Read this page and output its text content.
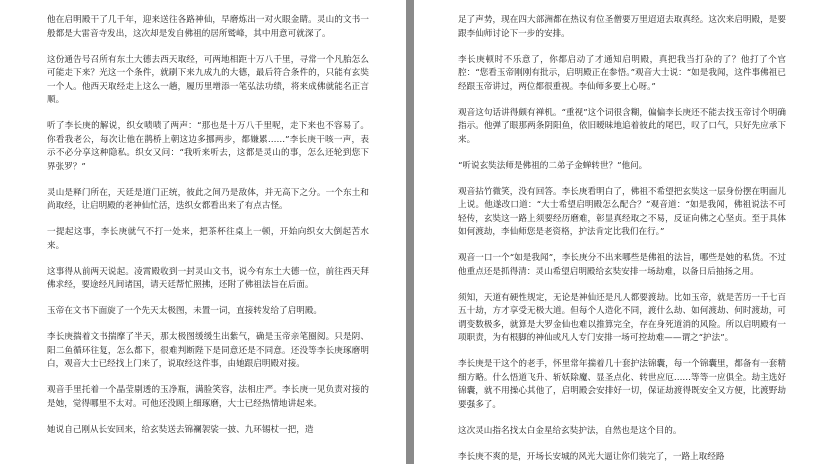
他在启明殿干了几千年，迎来送往各路神仙，早磨炼出一对火眼金睛。灵山的文书一般都是大雷音寺发出，这次却是发自佛祖的居所鹫峰，其中用意可就深了。

这份通告号召所有东土大德去西天取经，可两地相距十万八千里，寻常一个凡胎怎么可能走下来？光这一个条件，就刷下来九成九的大德，最后符合条件的，只能有玄奘一个人。他西天取经走上这么一趟，履历里增添一笔弘法功绩，将来成佛就能名正言顺。

听了李长庚的解说，织女啧啧了两声：“那也是十万八千里呢，走下来也不容易了。你看我老公，每次让他在鹊桥上朝这边多挪两步，都嫌累……”李长庚干咳一声，表示不必分享这种隐私。织女又问：“我听来听去，这都是灵山的事，怎么还轮到您下界张罗？”

灵山是释门所在，天廷是道门正统，彼此之间乃是敌体，并无高下之分。一个东土和尚取经，让启明殿的老神仙忙活，迭织女都看出来了有点古怪。

一提起这事，李长庚就气不打一处来，把茶杯往桌上一顿，开始向织女大倒起苦水来。

这事得从前两天说起。凌霄殿收到一封灵山文书，说今有东土大德一位，前往西天拜佛求经，要途经凡间诸国，请天廷帮忙照拂，还附了佛祖法旨在后面。

玉帝在文书下面旋了一个先天太极图，未置一词，直接转发给了启明殿。

李长庚揣着文书揣摩了半天，那太极图缓缓生出紫气，确是玉帝亲笔圈阅。只是阴、阳二鱼循环往复，怎么都下，很难判断陛下是同意还是不同意。还没等李长庚琢磨明白，观音大士已经找上门来了，说取经这件事，由她跟启明殿对接。

观音手里托着一个晶莹剔透的玉净瓶，满脸笑容，法相庄严。李长庚一见负责对接的是她，觉得哪里不太对。可他还没顾上细琢磨，大士已经热情地讲起来。

她说自己刚从长安回来，给玄奘送去锦襕袈裟一披、九环锡杖一把，造

足了声势，现在四大部洲都在热议有位圣僧要万里迢迢去取真经。这次来启明殿，是要跟李仙师讨论下一步的安排。

李长庚顿时不乐意了，你都启动了才通知启明殿，真把我当打杂的了？他打了个官腔：“您看玉帝刚刚有批示，启明殿正在参悟。”观音大士说：“如是我闻，这件事佛祖已经跟玉帝讲过，两位都很重视。李仙师多要上心呀。”

观音这句话讲得颇有禅机。“重视”这个词很含糊，偏偏李长庚还不能去找玉帝讨个明确指示。他弹了眼那两条阴阳鱼，依旧暧昧地追着彼此的尾巴，叹了口气，只好先应承下来。

“听说玄奘法师是佛祖的二弟子金蝉转世？”他问。

观音拈竹微笑，没有回答。李长庚看明白了，佛祖不希望把玄奘这一层身份摆在明面儿上说。他遂改口道：“大士希望启明殿怎么配合？”观音道：“如是我闻，佛祖说法不可轻传，玄奘这一路上须要经历磨难，彰显真经取之不易，反证向佛之心坚贞。至于具体如何渡劫，李仙师您是老资格，护法肯定比我们在行。”

观音一口一个“如是我闻”，李长庚分不出来哪些是佛祖的法旨，哪些是她的私货。不过他重点还是抓得清：灵山希望启明殿给玄奘安排一场劫难，以备日后抽扬之用。

须知，天道有硬性规定，无论是神仙还是凡人都要渡劫。比如玉帝，就是苦历一千七百五十劫，方才享受无极大道。但每个人造化不同，渡什么劫、如何渡劫、何时渡劫，可谓变数极多，就算是大罗金仙也难以推算完全，存在身死道消的风险。所以启明殿有一项职责，为有根脚的神仙或凡人专门安排一场可控劫难——谓之“护法”。

李长庚是干这个的老手，怀里常年揣着几十套护法锦囊，每一个锦囊里，都备有一套精细方略。什么悟道飞升、斩妖除魔、显圣点化、转世应厄……等等一应俱全。劫主选好锦囊，就不用操心其他了，启明殿会安排好一切，保证劫渡得既安全又方便，比渡野劫要强多了。

这次灵山指名找太白金星给玄奘护法，自然也是这个目的。

李长庚不爽的是，开场长安城的风光大逼让你们装完了，一路上取经路
